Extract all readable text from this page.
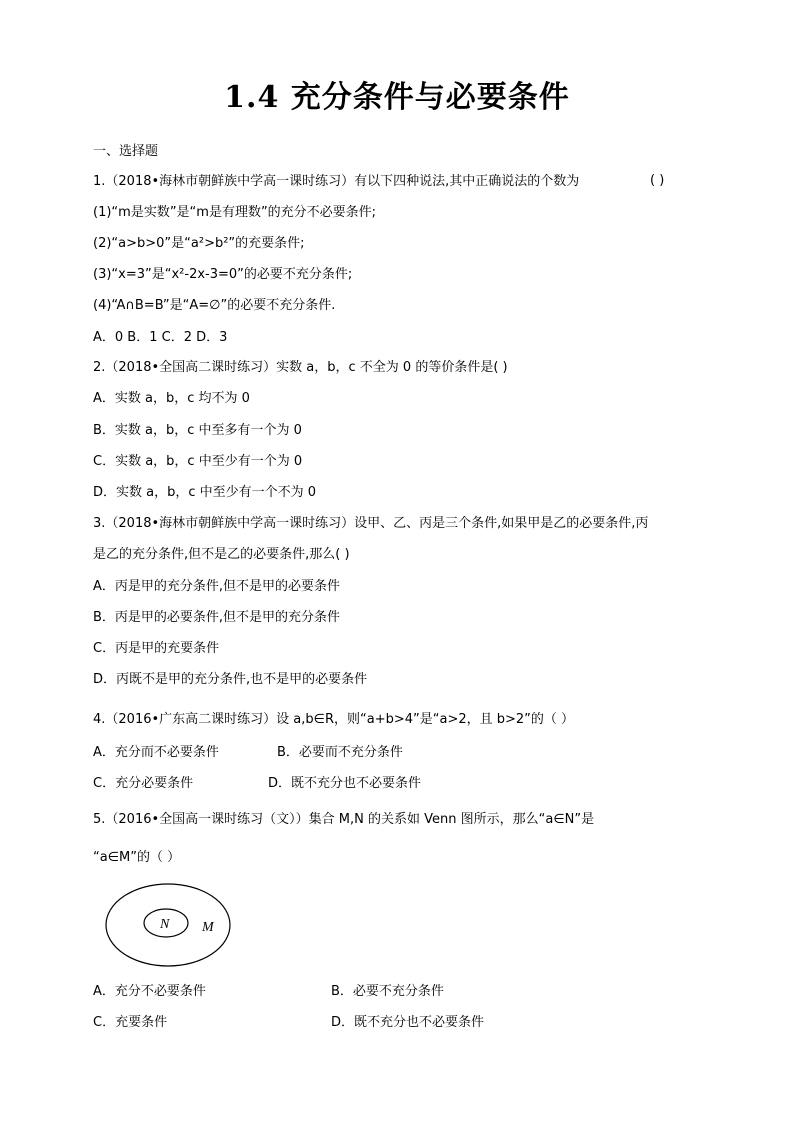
1.4 充分条件与必要条件
一、选择题
1.（2018•海林市朝鲜族中学高一课时练习）有以下四种说法,其中正确说法的个数为	( )
(1)“m是实数”是“m是有理数”的充分不必要条件;
(2)“a>b>0”是“a²>b²”的充要条件;
(3)“x=3”是“x²-2x-3=0”的必要不充分条件;
(4)“A∩B=B”是“A=∅”的必要不充分条件.
A．0 B．1 C．2 D．3
2.（2018•全国高二课时练习）实数 a，b，c 不全为 0 的等价条件是( )
A．实数 a，b，c 均不为 0
B．实数 a，b，c 中至多有一个为 0
C．实数 a，b，c 中至少有一个为 0
D．实数 a，b，c 中至少有一个不为 0
3.（2018•海林市朝鲜族中学高一课时练习）设甲、乙、丙是三个条件,如果甲是乙的必要条件,丙
是乙的充分条件,但不是乙的必要条件,那么( )
A．丙是甲的充分条件,但不是甲的必要条件
B．丙是甲的必要条件,但不是甲的充分条件
C．丙是甲的充要条件
D．丙既不是甲的充分条件,也不是甲的必要条件
4.（2016•广东高二课时练习）设 a,b∈R，则“a+b>4”是“a>2，且 b>2”的（ ）
A．充分而不必要条件	B．必要而不充分条件
C．充分必要条件	D．既不充分也不必要条件
5.（2016•全国高一课时练习（文））集合 M,N 的关系如 Venn 图所示，那么“a∈N”是
“a∈M”的（ ）
N M
A．充分不必要条件	B．必要不充分条件
C．充要条件	D．既不充分也不必要条件
